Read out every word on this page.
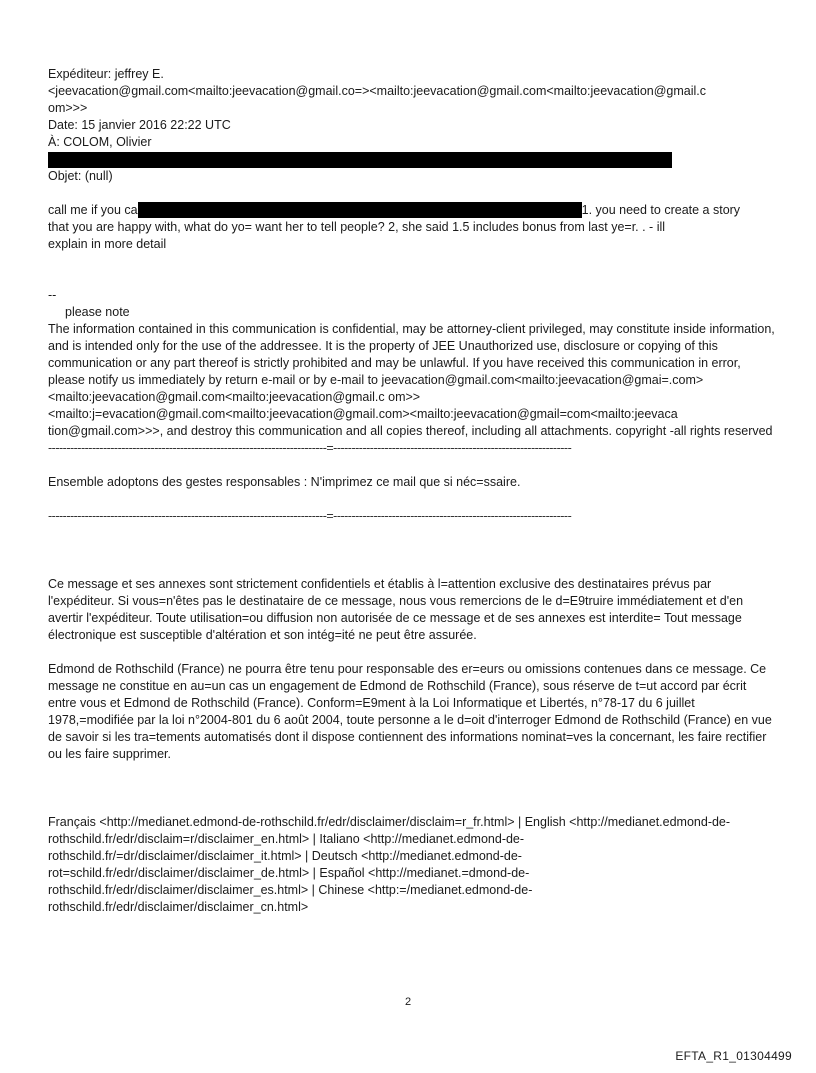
Expéditeur: jeffrey E.
<jeevacation@gmail.com<mailto:jeevacation@gmail.co=><mailto:jeevacation@gmail.com<mailto:jeevacation@gmail.c
om>>>
Date: 15 janvier 2016 22:22 UTC
À: COLOM, Olivier
Objet: (null)
call me if you ca	1. you need to create a story
that you are happy with, what do yo= want her to tell people? 2, she said 1.5 includes bonus from last ye=r. . - ill
explain in more detail
--
please note
The information contained in this communication is confidential, may be attorney-client privileged, may constitute inside information, and is intended only for the use of the addressee. It is the property of JEE Unauthorized use, disclosure or copying of this communication or any part thereof is strictly prohibited and may be unlawful. If you have received this communication in error, please notify us immediately by return e-mail or by e-mail to jeevacation@gmail.com<mailto:jeevacation@gmai=.com><mailto:jeevacation@gmail.com<mailto:jeevacation@gmail.c om>><mailto:j=evacation@gmail.com<mailto:jeevacation@gmail.com><mailto:jeevacation@gmail=com<mailto:jeevaca tion@gmail.com>>>, and destroy this communication and all copies thereof, including all attachments. copyright -all rights reserved
----------------------------------------------------------------------------=-----------------------------------------------------------------
Ensemble adoptons des gestes responsables : N'imprimez ce mail que si néc=ssaire.
----------------------------------------------------------------------------=-----------------------------------------------------------------
Ce message et ses annexes sont strictement confidentiels et établis à l=attention exclusive des destinataires prévus par l'expéditeur. Si vous=n'êtes pas le destinataire de ce message, nous vous remercions de le d=E9truire immédiatement et d'en avertir l'expéditeur. Toute utilisation=ou diffusion non autorisée de ce message et de ses annexes est interdite= Tout message électronique est susceptible d'altération et son intég=ité ne peut être assurée.
Edmond de Rothschild (France) ne pourra être tenu pour responsable des er=eurs ou omissions contenues dans ce message. Ce message ne constitue en au=un cas un engagement de Edmond de Rothschild (France), sous réserve de t=ut accord par écrit entre vous et Edmond de Rothschild (France). Conform=E9ment à la Loi Informatique et Libertés, n°78-17 du 6 juillet 1978,=modifiée par la loi n°2004-801 du 6 août 2004, toute personne a le d=oit d'interroger Edmond de Rothschild (France) en vue de savoir si les tra=tements automatisés dont il dispose contiennent des informations nominat=ves la concernant, les faire rectifier ou les faire supprimer.
Français <http://medianet.edmond-de-rothschild.fr/edr/disclaimer/disclaim=r_fr.html> | English <http://medianet.edmond-de-rothschild.fr/edr/disclaim=r/disclaimer_en.html> | Italiano <http://medianet.edmond-de-rothschild.fr/=dr/disclaimer/disclaimer_it.html> | Deutsch <http://medianet.edmond-de-rot=schild.fr/edr/disclaimer/disclaimer_de.html> | Español <http://medianet.=dmond-de-rothschild.fr/edr/disclaimer/disclaimer_es.html> | Chinese <http:=/medianet.edmond-de-rothschild.fr/edr/disclaimer/disclaimer_cn.html>
2
EFTA_R1_01304499
